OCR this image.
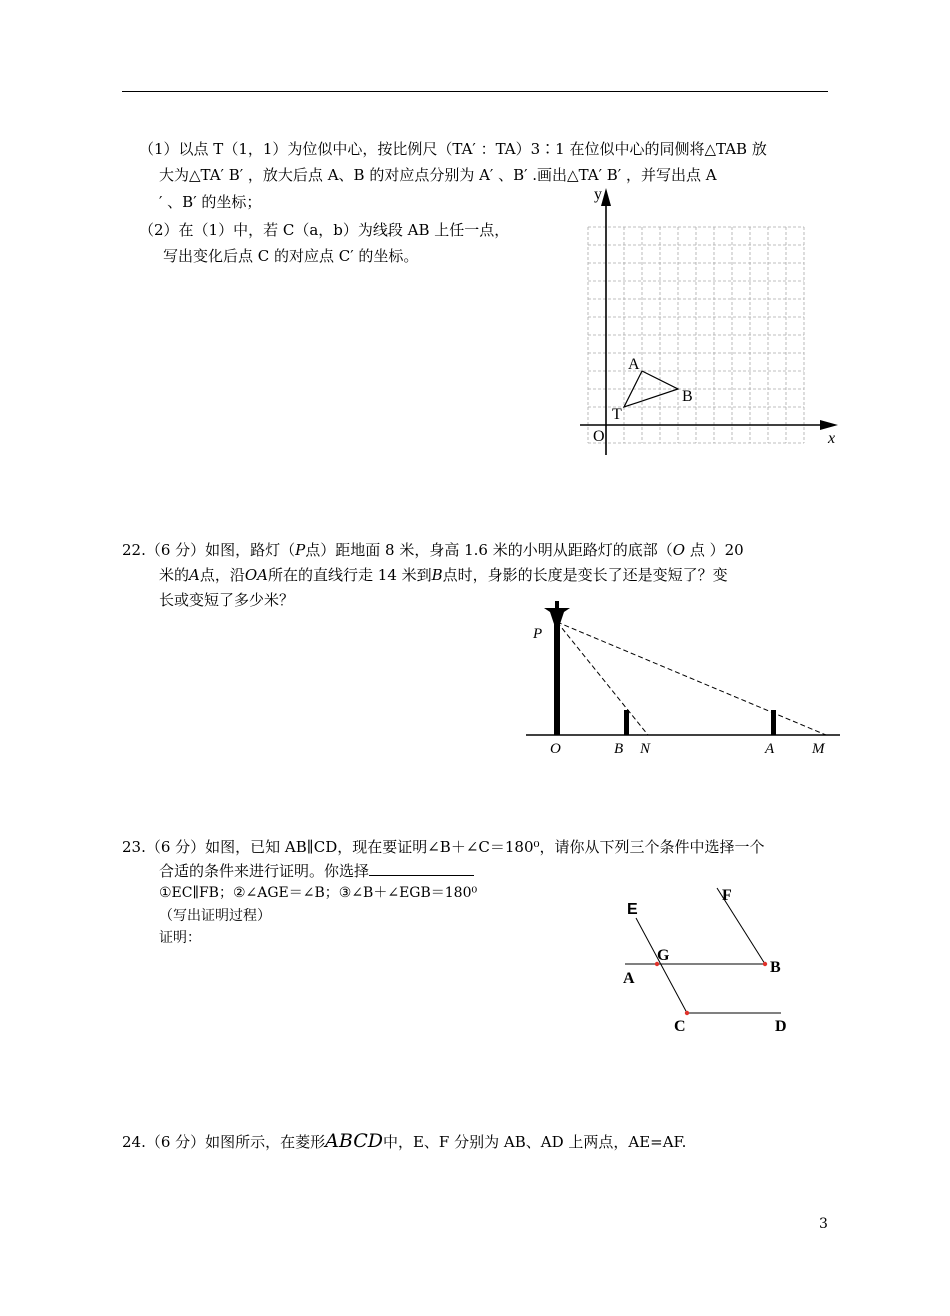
（1）以点 T（1，1）为位似中心，按比例尺（TA′ ：TA）3∶1 在位似中心的同侧将△TAB 放
大为△TA′ B′ ，放大后点 A、B 的对应点分别为 A′ 、B′ .画出△TA′ B′ ，并写出点 A
′ 、B′ 的坐标；
（2）在（1）中，若 C（a，b）为线段 AB 上任一点，
写出变化后点 C 的对应点 C′ 的坐标。
y
x
O
A
B
T
22.（6 分）如图，路灯（P点）距地面 8 米，身高 1.6 米的小明从距路灯的底部（O 点 ）20
米的A点，沿OA所在的直线行走 14 米到B点时，身影的长度是变长了还是变短了？变
长或变短了多少米？
P
O	B N	A	M
23.（6 分）如图，已知 AB∥CD，现在要证明∠B＋∠C＝180⁰，请你从下列三个条件中选择一个
合适的条件来进行证明。你选择
①EC∥FB；②∠AGE＝∠B；③∠B＋∠EGB＝180⁰
（写出证明过程）
证明：
E
F
G
A
B
C	D
24.（6 分）如图所示，在菱形ABCD中，E、F 分别为 AB、AD 上两点，AE=AF.
3
